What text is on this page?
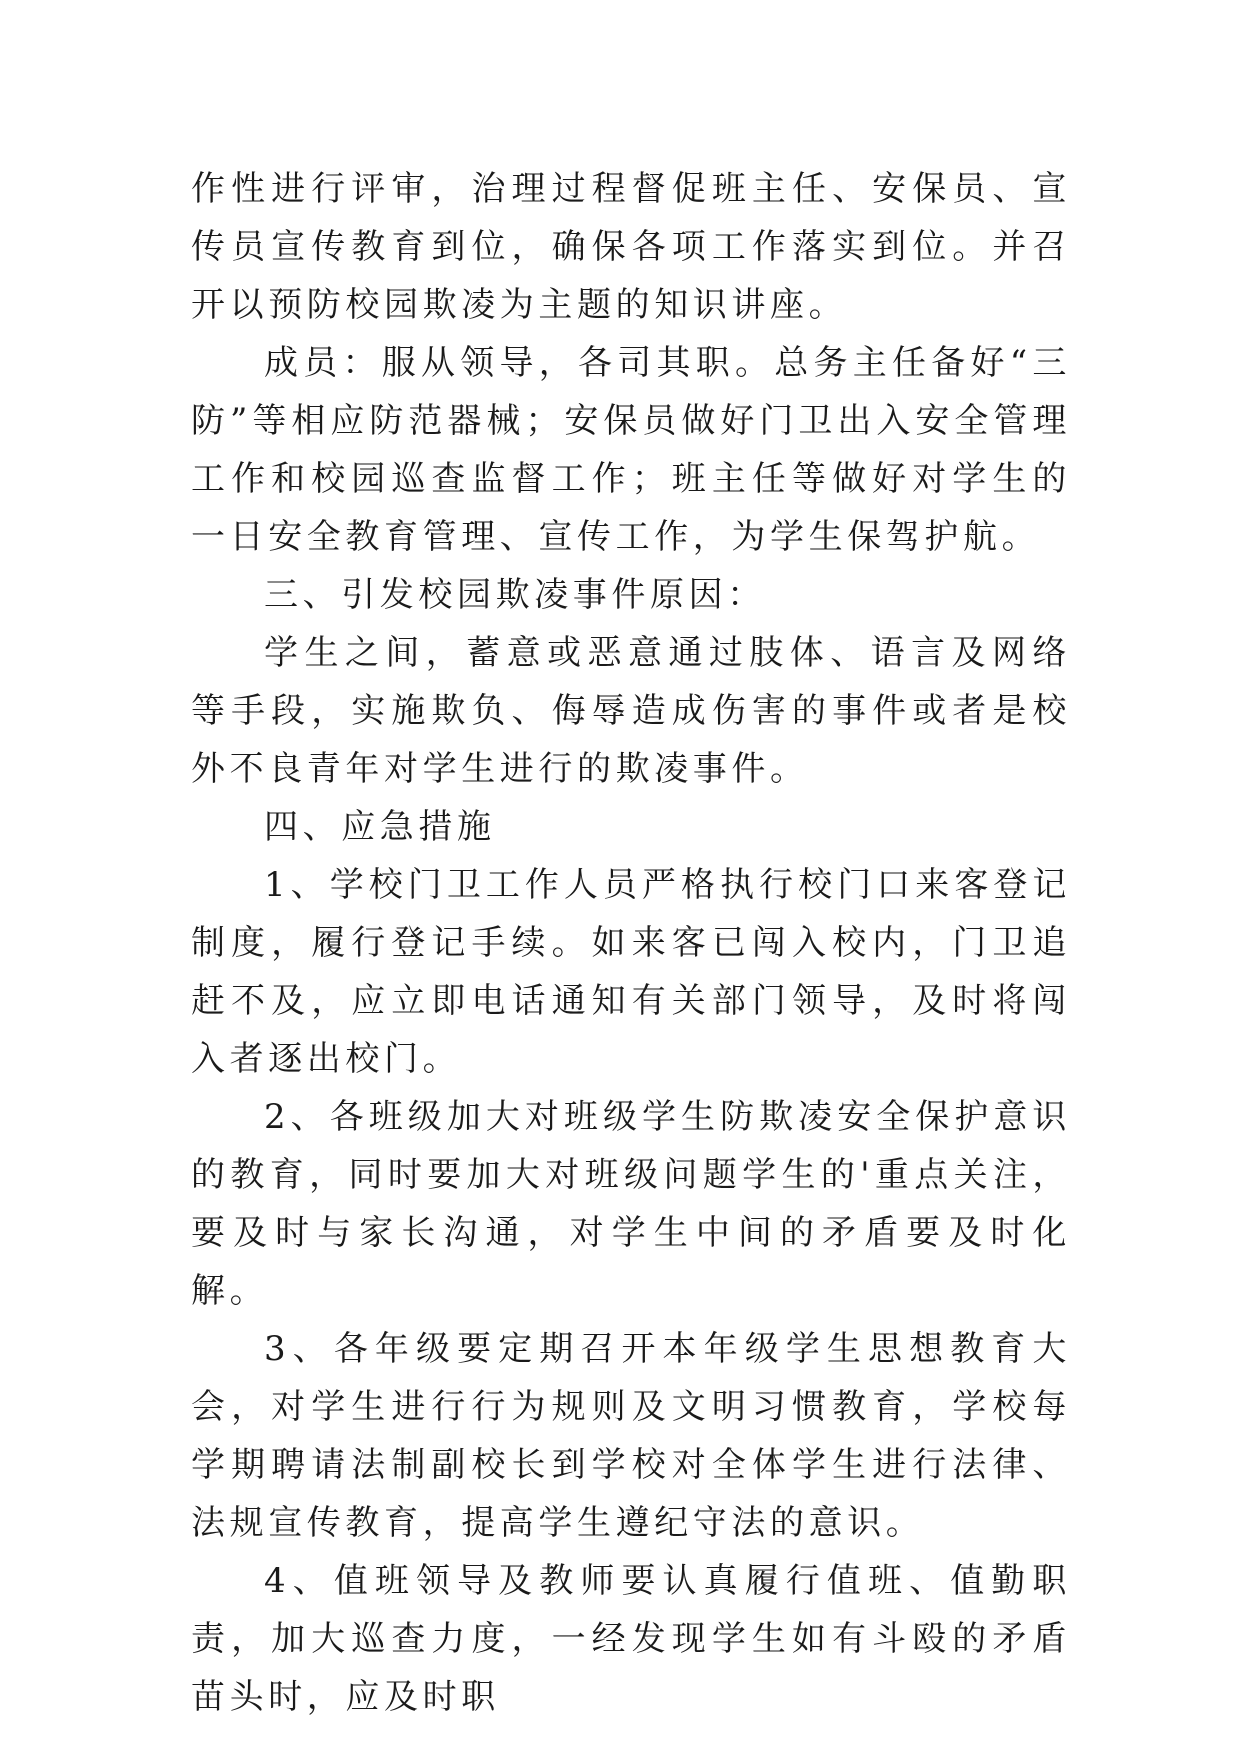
作性进行评审，治理过程督促班主任、安保员、宣传员宣传教育到位，确保各项工作落实到位。并召开以预防校园欺凌为主题的知识讲座。

成员：服从领导，各司其职。总务主任备好“三防”等相应防范器械；安保员做好门卫出入安全管理工作和校园巡查监督工作；班主任等做好对学生的一日安全教育管理、宣传工作，为学生保驾护航。

三、引发校园欺凌事件原因：

学生之间，蓄意或恶意通过肢体、语言及网络等手段，实施欺负、侮辱造成伤害的事件或者是校外不良青年对学生进行的欺凌事件。

四、应急措施

1、学校门卫工作人员严格执行校门口来客登记制度，履行登记手续。如来客已闯入校内，门卫追赶不及，应立即电话通知有关部门领导，及时将闯入者逐出校门。

2、各班级加大对班级学生防欺凌安全保护意识的教育，同时要加大对班级问题学生的'重点关注，要及时与家长沟通，对学生中间的矛盾要及时化解。

3、各年级要定期召开本年级学生思想教育大会，对学生进行行为规则及文明习惯教育，学校每学期聘请法制副校长到学校对全体学生进行法律、法规宣传教育，提高学生遵纪守法的意识。

4、值班领导及教师要认真履行值班、值勤职责，加大巡查力度，一经发现学生如有斗殴的矛盾苗头时，应及时职
